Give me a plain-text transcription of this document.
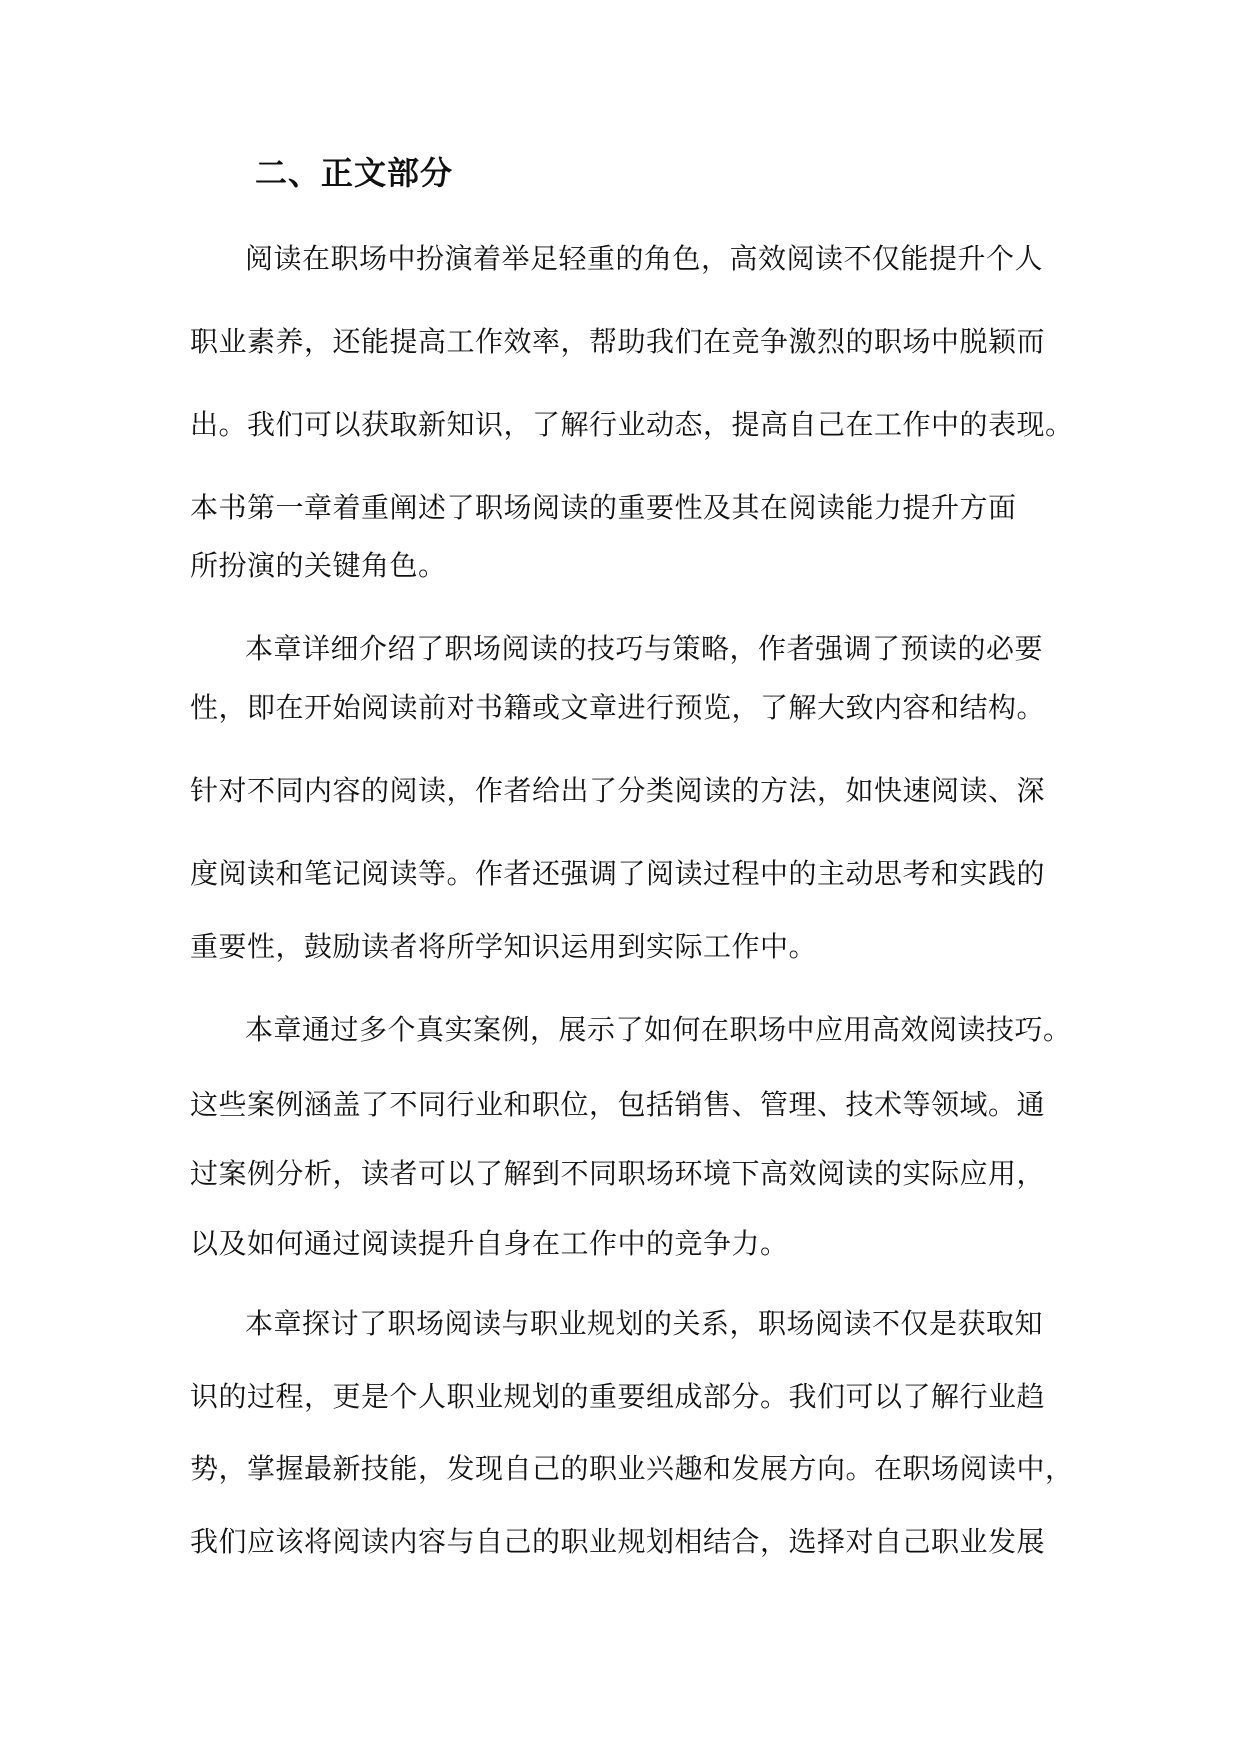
二、正文部分
阅读在职场中扮演着举足轻重的角色，高效阅读不仅能提升个人
职业素养，还能提高工作效率，帮助我们在竞争激烈的职场中脱颖而
出。我们可以获取新知识，了解行业动态，提高自己在工作中的表现。
本书第一章着重阐述了职场阅读的重要性及其在阅读能力提升方面
所扮演的关键角色。
本章详细介绍了职场阅读的技巧与策略，作者强调了预读的必要
性，即在开始阅读前对书籍或文章进行预览，了解大致内容和结构。
针对不同内容的阅读，作者给出了分类阅读的方法，如快速阅读、深
度阅读和笔记阅读等。作者还强调了阅读过程中的主动思考和实践的
重要性，鼓励读者将所学知识运用到实际工作中。
本章通过多个真实案例，展示了如何在职场中应用高效阅读技巧。
这些案例涵盖了不同行业和职位，包括销售、管理、技术等领域。通
过案例分析，读者可以了解到不同职场环境下高效阅读的实际应用，
以及如何通过阅读提升自身在工作中的竞争力。
本章探讨了职场阅读与职业规划的关系，职场阅读不仅是获取知
识的过程，更是个人职业规划的重要组成部分。我们可以了解行业趋
势，掌握最新技能，发现自己的职业兴趣和发展方向。在职场阅读中，
我们应该将阅读内容与自己的职业规划相结合，选择对自己职业发展
